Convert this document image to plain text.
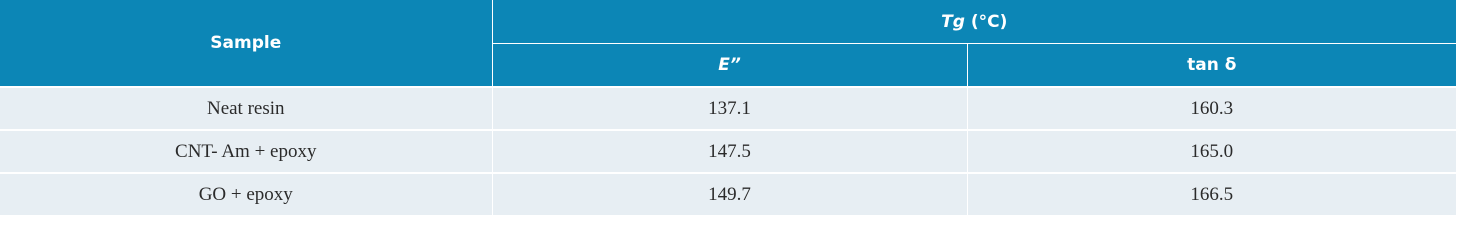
Sample	Tg (°C)	
	E”	tan δ
Neat resin	137.1	160.3
CNT- Am + epoxy	147.5	165.0
GO + epoxy	149.7	166.5
